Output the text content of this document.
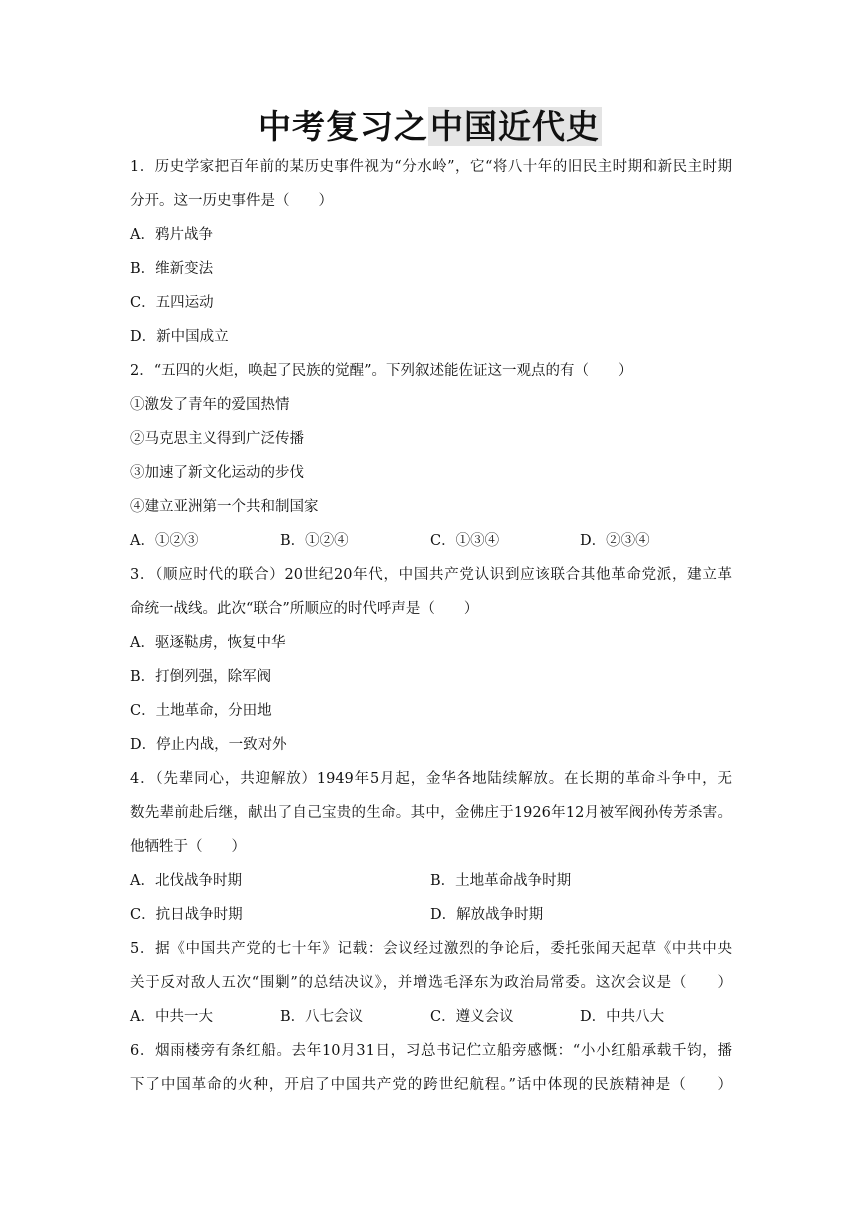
中考复习之中国近代史
1．历史学家把百年前的某历史事件视为“分水岭”，它“将八十年的旧民主时期和新民主时期
分开。这一历史事件是（　　）
A．鸦片战争
B．维新变法
C．五四运动
D．新中国成立
2．“五四的火炬，唤起了民族的觉醒”。下列叙述能佐证这一观点的有（　　）
①激发了青年的爱国热情
②马克思主义得到广泛传播
③加速了新文化运动的步伐
④建立亚洲第一个共和制国家
A．①②③	B．①②④	C．①③④	D．②③④
3．（顺应时代的联合）20世纪20年代，中国共产党认识到应该联合其他革命党派，建立革
命统一战线。此次“联合”所顺应的时代呼声是（　　）
A．驱逐鞑虏，恢复中华
B．打倒列强，除军阀
C．土地革命，分田地
D．停止内战，一致对外
4．（先辈同心，共迎解放）1949年5月起，金华各地陆续解放。在长期的革命斗争中，无
数先辈前赴后继，献出了自己宝贵的生命。其中，金佛庄于1926年12月被军阀孙传芳杀害。
他牺牲于（　　）
A．北伐战争时期	B．土地革命战争时期
C．抗日战争时期	D．解放战争时期
5．据《中国共产党的七十年》记载：会议经过激烈的争论后，委托张闻天起草《中共中央
关于反对敌人五次“围剿”的总结决议》，并增选毛泽东为政治局常委。这次会议是（　　）
A．中共一大	B．八七会议	C．遵义会议	D．中共八大
6．烟雨楼旁有条红船。去年10月31日，习总书记伫立船旁感慨：“小小红船承载千钧，播
下了中国革命的火种，开启了中国共产党的跨世纪航程。”话中体现的民族精神是（　　）
